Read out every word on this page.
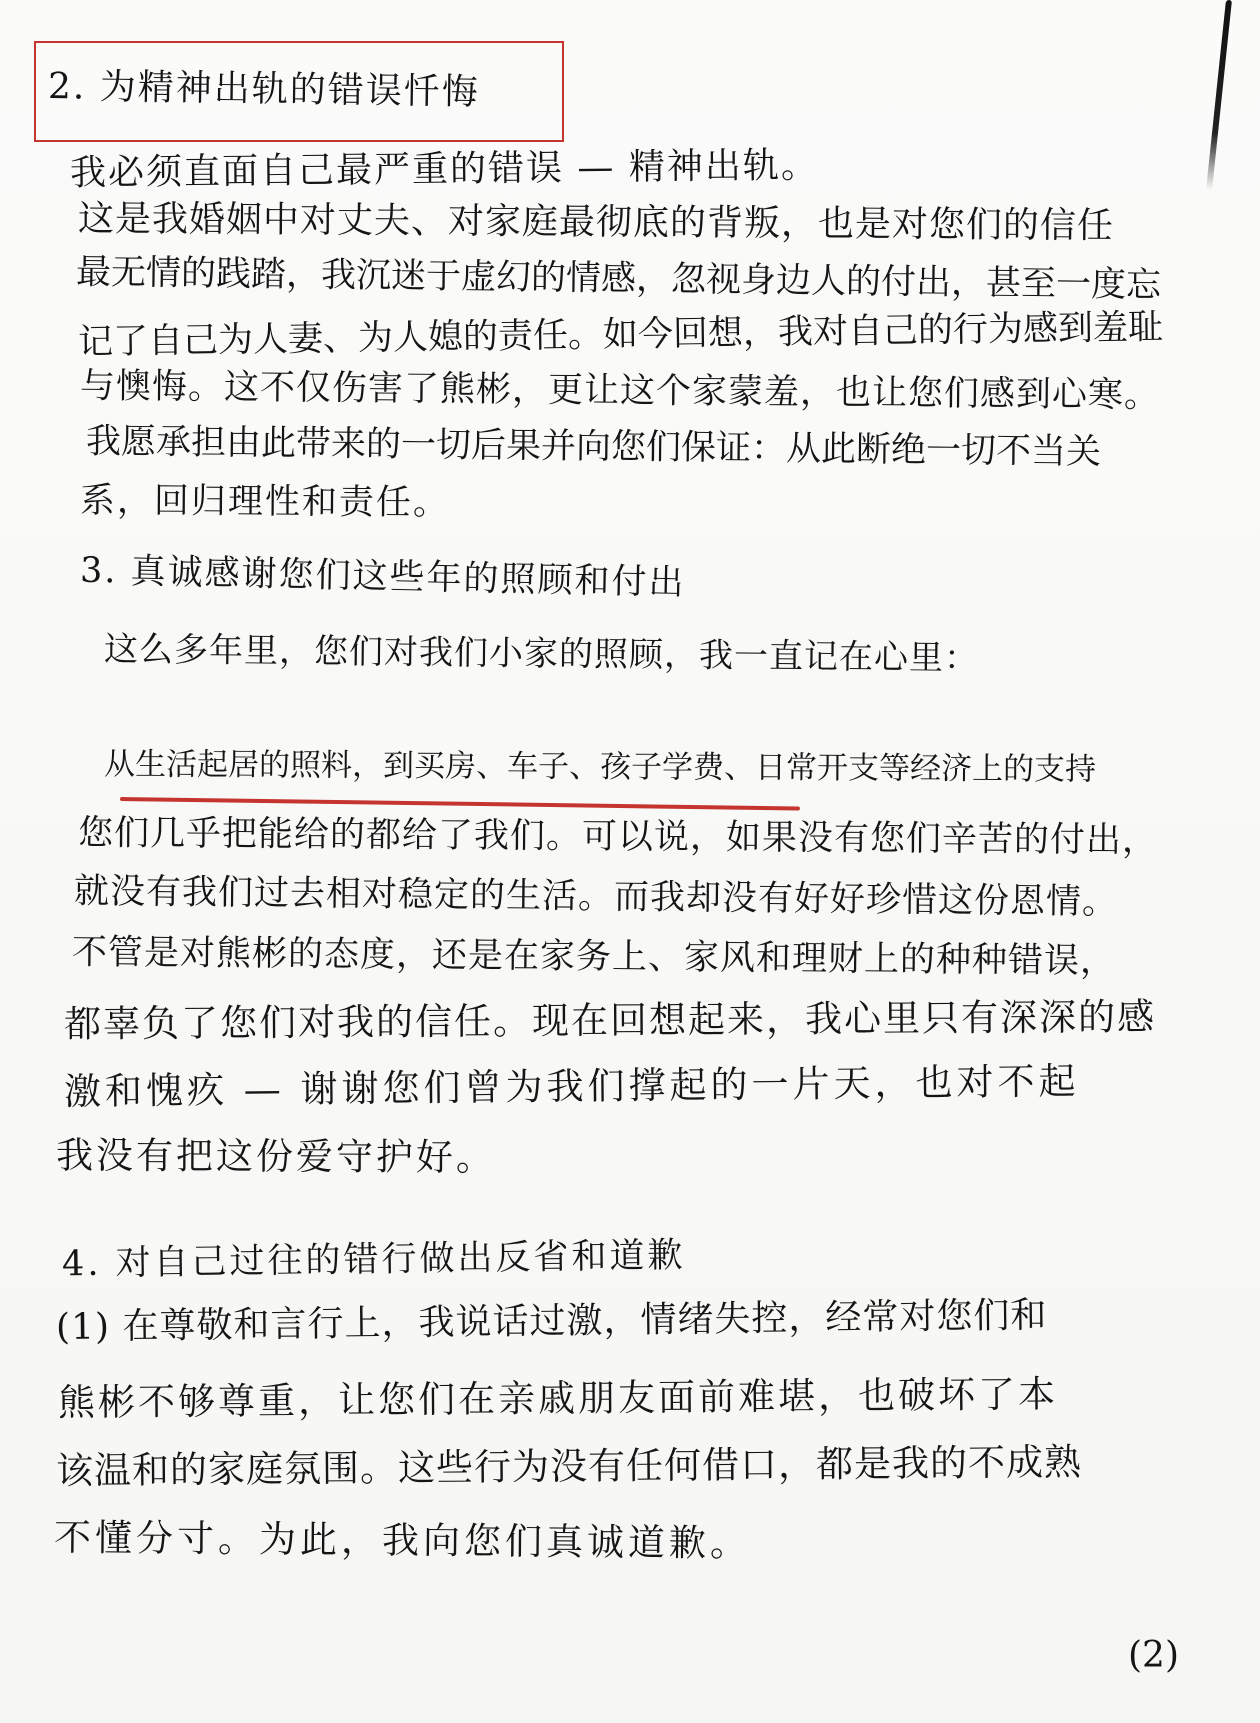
2. 为精神出轨的错误忏悔
我必须直面自己最严重的错误 — 精神出轨。
这是我婚姻中对丈夫、对家庭最彻底的背叛，也是对您们的信任
最无情的践踏，我沉迷于虚幻的情感，忽视身边人的付出，甚至一度忘
记了自己为人妻、为人媳的责任。如今回想，我对自己的行为感到羞耻
与懊悔。这不仅伤害了熊彬，更让这个家蒙羞，也让您们感到心寒。
我愿承担由此带来的一切后果并向您们保证：从此断绝一切不当关
系，回归理性和责任。
3. 真诚感谢您们这些年的照顾和付出
这么多年里，您们对我们小家的照顾，我一直记在心里：
从生活起居的照料，到买房、车子、孩子学费、日常开支等经济上的支持
您们几乎把能给的都给了我们。可以说，如果没有您们辛苦的付出，
就没有我们过去相对稳定的生活。而我却没有好好珍惜这份恩情。
不管是对熊彬的态度，还是在家务上、家风和理财上的种种错误，
都辜负了您们对我的信任。现在回想起来，我心里只有深深的感
激和愧疚 — 谢谢您们曾为我们撑起的一片天，也对不起
我没有把这份爱守护好。
4. 对自己过往的错行做出反省和道歉
(1) 在尊敬和言行上，我说话过激，情绪失控，经常对您们和
熊彬不够尊重，让您们在亲戚朋友面前难堪，也破坏了本
该温和的家庭氛围。这些行为没有任何借口，都是我的不成熟
不懂分寸。为此，我向您们真诚道歉。
(2)
